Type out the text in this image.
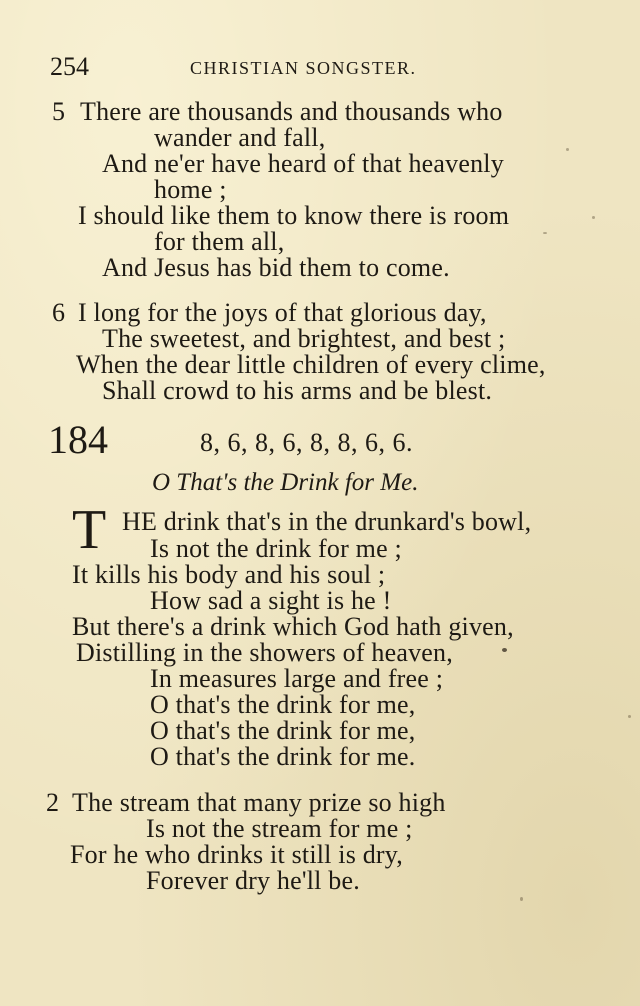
254	CHRISTIAN SONGSTER.
5 There are thousands and thousands who
wander and fall,
And ne'er have heard of that heavenly
home ;
I should like them to know there is room
for them all,
And Jesus has bid them to come.
6 I long for the joys of that glorious day,
The sweetest, and brightest, and best ;
When the dear little children of every clime,
Shall crowd to his arms and be blest.
184	8, 6, 8, 6, 8, 8, 6, 6.
O That's the Drink for Me.
T HE drink that's in the drunkard's bowl,
Is not the drink for me ;
It kills his body and his soul ;
How sad a sight is he !
But there's a drink which God hath given,
Distilling in the showers of heaven,
In measures large and free ;
O that's the drink for me,
O that's the drink for me,
O that's the drink for me.
2 The stream that many prize so high
Is not the stream for me ;
For he who drinks it still is dry,
Forever dry he'll be.
